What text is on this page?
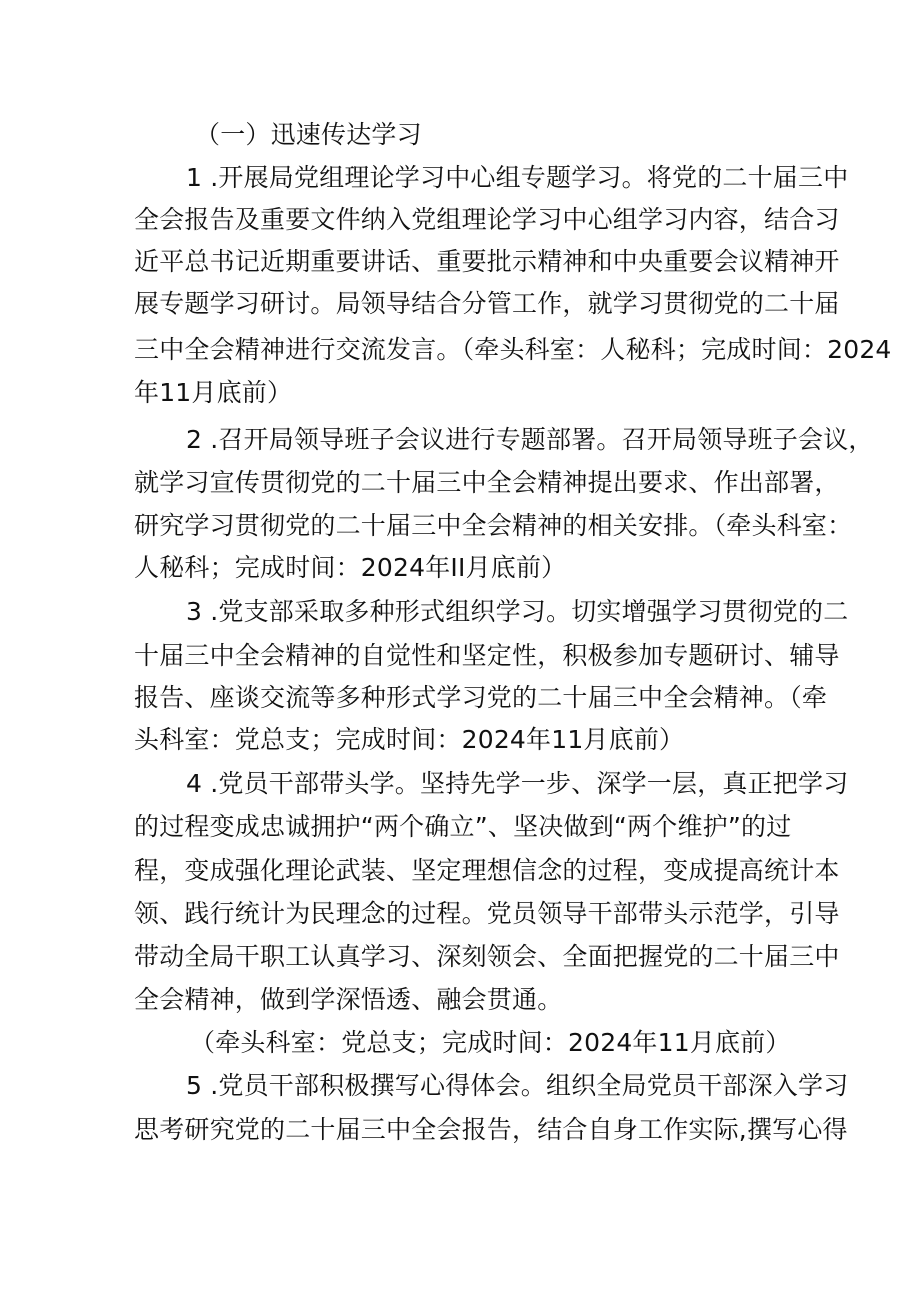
（一）迅速传达学习
1 .开展局党组理论学习中心组专题学习。将党的二十届三中
全会报告及重要文件纳入党组理论学习中心组学习内容，结合习
近平总书记近期重要讲话、重要批示精神和中央重要会议精神开
展专题学习研讨。局领导结合分管工作，就学习贯彻党的二十届
三中全会精神进行交流发言。（牵头科室：人秘科；完成时间：2024
年11月底前）
2 .召开局领导班子会议进行专题部署。召开局领导班子会议，
就学习宣传贯彻党的二十届三中全会精神提出要求、作出部署，
研究学习贯彻党的二十届三中全会精神的相关安排。（牵头科室：
人秘科；完成时间：2024年II月底前）
3 .党支部采取多种形式组织学习。切实增强学习贯彻党的二
十届三中全会精神的自觉性和坚定性，积极参加专题研讨、辅导
报告、座谈交流等多种形式学习党的二十届三中全会精神。（牵
头科室：党总支；完成时间：2024年11月底前）
4 .党员干部带头学。坚持先学一步、深学一层，真正把学习
的过程变成忠诚拥护“两个确立”、坚决做到“两个维护”的过
程，变成强化理论武装、坚定理想信念的过程，变成提高统计本
领、践行统计为民理念的过程。党员领导干部带头示范学，引导
带动全局干职工认真学习、深刻领会、全面把握党的二十届三中
全会精神，做到学深悟透、融会贯通。
（牵头科室：党总支；完成时间：2024年11月底前）
5 .党员干部积极撰写心得体会。组织全局党员干部深入学习
思考研究党的二十届三中全会报告，结合自身工作实际,撰写心得
